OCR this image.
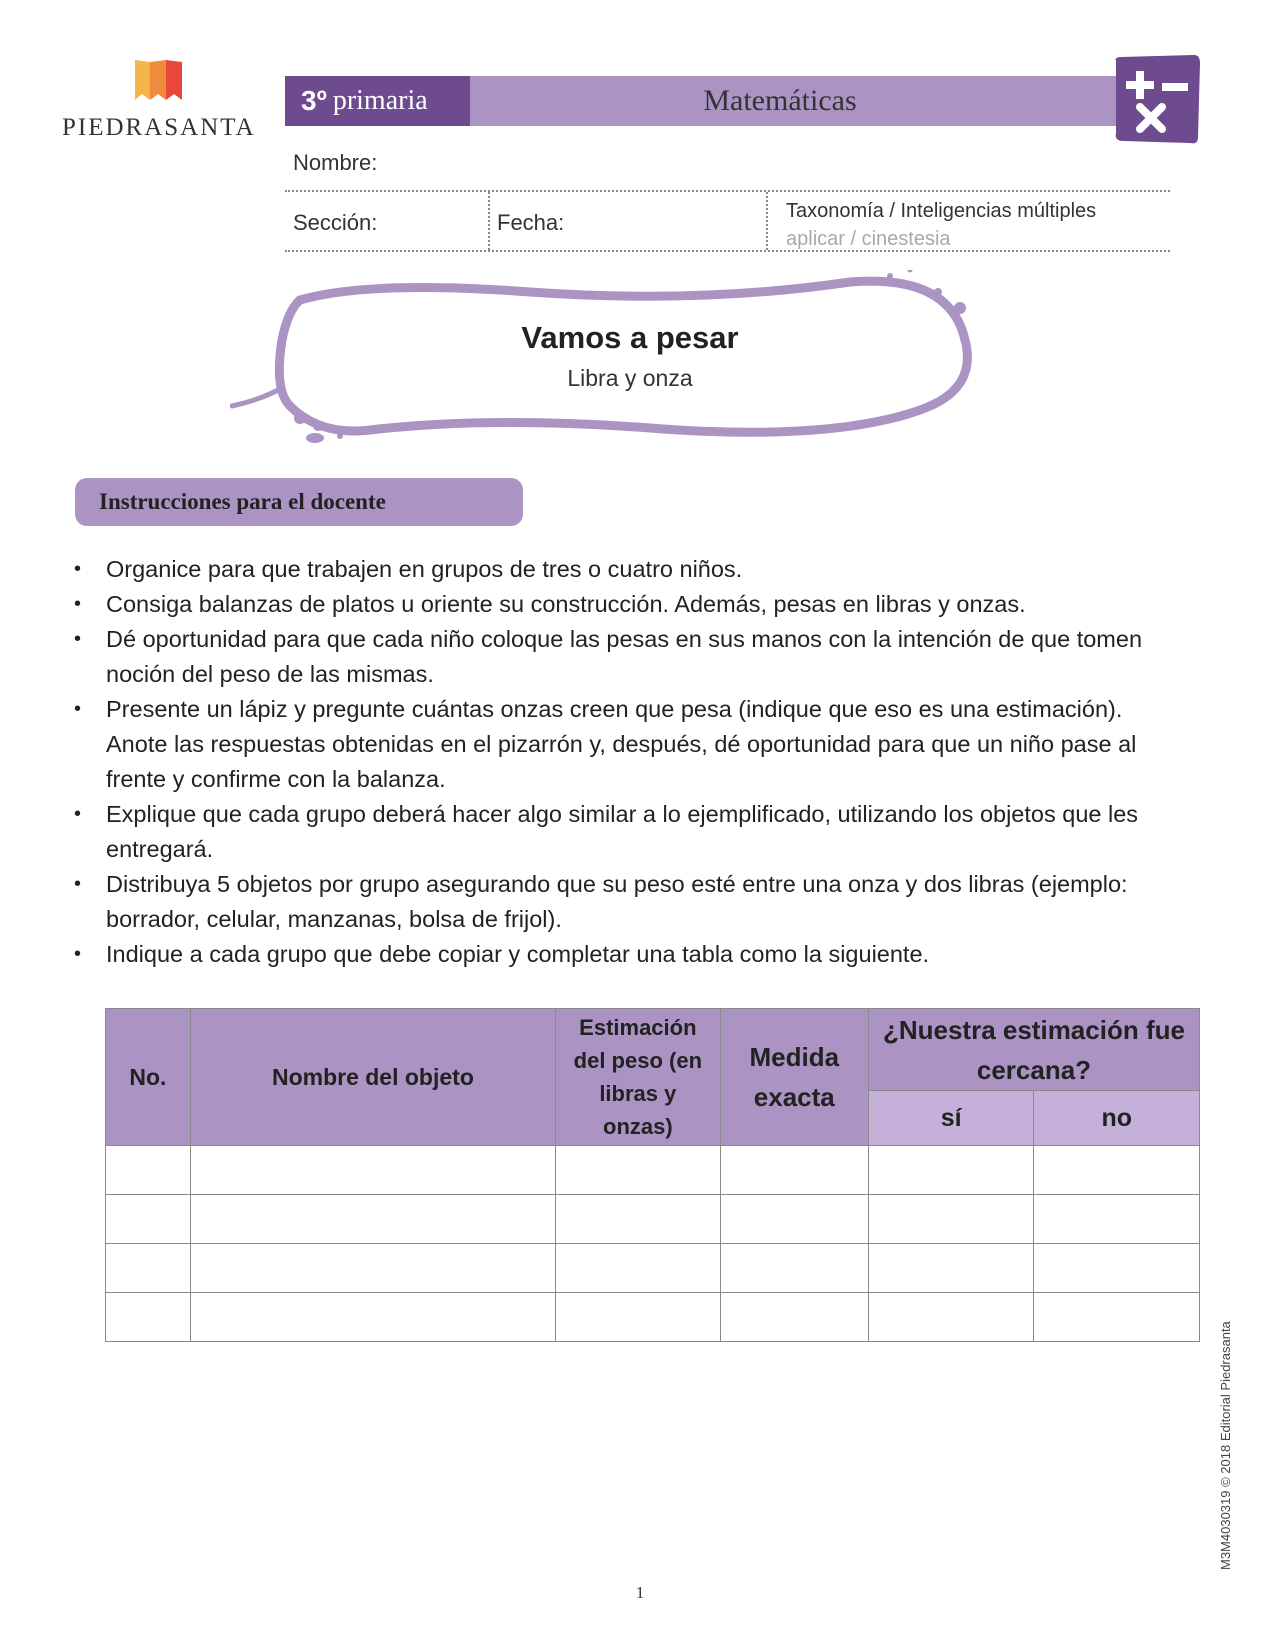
PIEDRASANTA
3º primaria	Matemáticas
Nombre:
Sección:	Fecha:	Taxonomía / Inteligencias múltiples
aplicar / cinestesia
Vamos a pesar
Libra y onza
Instrucciones para el docente
• Organice para que trabajen en grupos de tres o cuatro niños.
• Consiga balanzas de platos u oriente su construcción. Además, pesas en libras y onzas.
• Dé oportunidad para que cada niño coloque las pesas en sus manos con la intención de que tomen noción del peso de las mismas.
• Presente un lápiz y pregunte cuántas onzas creen que pesa (indique que eso es una estimación). Anote las respuestas obtenidas en el pizarrón y, después, dé oportunidad para que un niño pase al frente y confirme con la balanza.
• Explique que cada grupo deberá hacer algo similar a lo ejemplificado, utilizando los objetos que les entregará.
• Distribuya 5 objetos por grupo asegurando que su peso esté entre una onza y dos libras (ejemplo: borrador, celular, manzanas, bolsa de frijol).
• Indique a cada grupo que debe copiar y completar una tabla como la siguiente.
No.	Nombre del objeto	Estimación del peso (en libras y onzas)	Medida exacta	¿Nuestra estimación fue cercana?	
				sí	no

M3M4030319 © 2018 Editorial Piedrasanta
1
